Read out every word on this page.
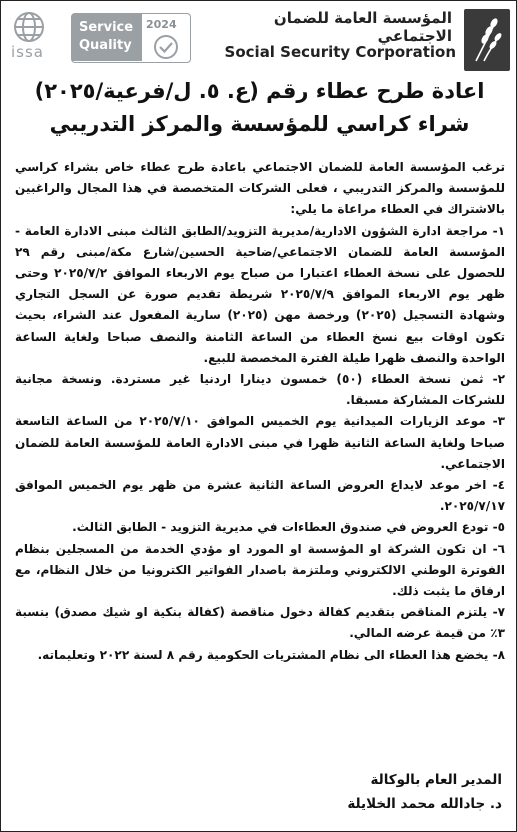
issa
Service
Quality
2024	المؤسسة العامة للضمان الاجتماعي
Social Security Corporation
اعادة طرح عطاء رقم (ع. ٥. ل/فرعية/٢٠٢٥)
شراء كراسي للمؤسسة والمركز التدريبي

ترغب المؤسسة العامة للضمان الاجتماعي باعادة طرح عطاء خاص بشراء كراسي للمؤسسة والمركز التدريبي ، فعلى الشركات المتخصصة في هذا المجال والراغبين بالاشتراك في العطاء مراعاة ما يلي:

١- مراجعة ادارة الشؤون الادارية/مديرية التزويد/الطابق الثالث مبنى الادارة العامة - المؤسسة العامة للضمان الاجتماعي/ضاحية الحسين/شارع مكة/مبنى رقم ٢٩ للحصول على نسخة العطاء اعتبارا من صباح يوم الاربعاء الموافق ٢٠٢٥/٧/٢ وحتى ظهر يوم الاربعاء الموافق ٢٠٢٥/٧/٩ شريطة تقديم صورة عن السجل التجاري وشهادة التسجيل (٢٠٢٥) ورخصة مهن (٢٠٢٥) سارية المفعول عند الشراء، بحيث تكون اوقات بيع نسخ العطاء من الساعة الثامنة والنصف صباحا ولغاية الساعة الواحدة والنصف ظهرا طيلة الفترة المخصصة للبيع.

٢- ثمن نسخة العطاء (٥٠) خمسون دينارا اردنيا غير مستردة. ونسخة مجانية للشركات المشاركة مسبقا.

٣- موعد الزيارات الميدانية يوم الخميس الموافق ٢٠٢٥/٧/١٠ من الساعة التاسعة صباحا ولغاية الساعة الثانية ظهرا في مبنى الادارة العامة للمؤسسة العامة للضمان الاجتماعي.

٤- اخر موعد لايداع العروض الساعة الثانية عشرة من ظهر يوم الخميس الموافق ٢٠٢٥/٧/١٧.

٥- تودع العروض في صندوق العطاءات في مديرية التزويد - الطابق الثالث.

٦- ان تكون الشركة او المؤسسة او المورد او مؤدي الخدمة من المسجلين بنظام الفوترة الوطني الالكتروني وملتزمة باصدار الفواتير الكترونيا من خلال النظام، مع ارفاق ما يثبت ذلك.

٧- يلتزم المناقص بتقديم كفالة دخول مناقصة (كفالة بنكية او شيك مصدق) بنسبة ٣٪ من قيمة عرضه المالي.

٨- يخضع هذا العطاء الى نظام المشتريات الحكومية رقم ٨ لسنة ٢٠٢٢ وتعليماته.

المدير العام بالوكالة
د. جادالله محمد الخلايلة
